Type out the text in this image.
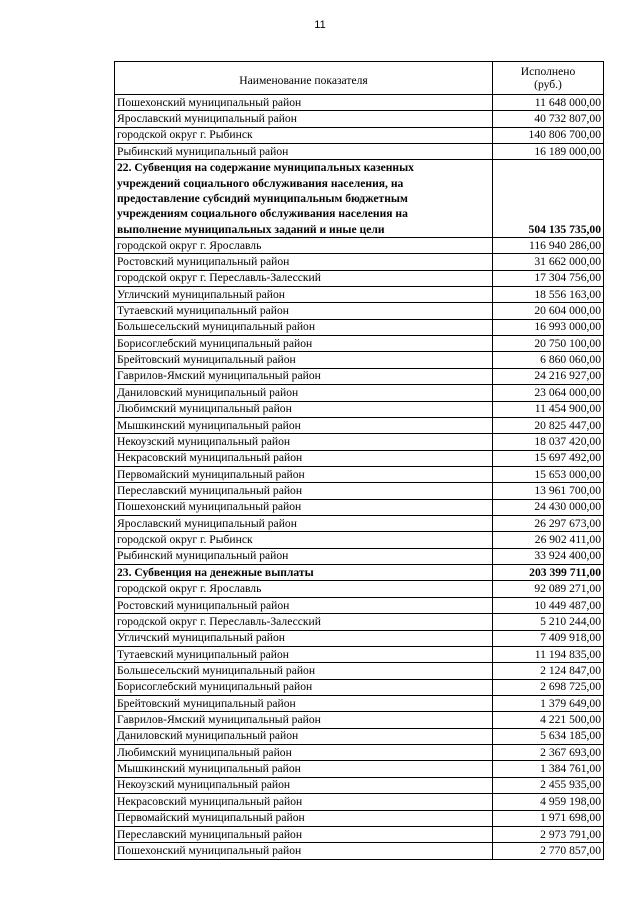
11
Наименование показателя	Исполнено
(руб.)
Пошехонский муниципальный район	11 648 000,00
Ярославский муниципальный район	40 732 807,00
городской округ г. Рыбинск	140 806 700,00
Рыбинский муниципальный район	16 189 000,00
22. Субвенция на содержание муниципальных казенных
учреждений социального обслуживания населения, на
предоставление субсидий муниципальным бюджетным
учреждениям социального обслуживания населения на
выполнение муниципальных заданий и иные цели	504 135 735,00
городской округ г. Ярославль	116 940 286,00
Ростовский муниципальный район	31 662 000,00
городской округ г. Переславль-Залесский	17 304 756,00
Угличский муниципальный район	18 556 163,00
Тутаевский муниципальный район	20 604 000,00
Большесельский муниципальный район	16 993 000,00
Борисоглебский муниципальный район	20 750 100,00
Брейтовский муниципальный район	6 860 060,00
Гаврилов-Ямский муниципальный район	24 216 927,00
Даниловский муниципальный район	23 064 000,00
Любимский муниципальный район	11 454 900,00
Мышкинский муниципальный район	20 825 447,00
Некоузский муниципальный район	18 037 420,00
Некрасовский муниципальный район	15 697 492,00
Первомайский муниципальный район	15 653 000,00
Переславский муниципальный район	13 961 700,00
Пошехонский муниципальный район	24 430 000,00
Ярославский муниципальный район	26 297 673,00
городской округ г. Рыбинск	26 902 411,00
Рыбинский муниципальный район	33 924 400,00
23. Субвенция на денежные выплаты	203 399 711,00
городской округ г. Ярославль	92 089 271,00
Ростовский муниципальный район	10 449 487,00
городской округ г. Переславль-Залесский	5 210 244,00
Угличский муниципальный район	7 409 918,00
Тутаевский муниципальный район	11 194 835,00
Большесельский муниципальный район	2 124 847,00
Борисоглебский муниципальный район	2 698 725,00
Брейтовский муниципальный район	1 379 649,00
Гаврилов-Ямский муниципальный район	4 221 500,00
Даниловский муниципальный район	5 634 185,00
Любимский муниципальный район	2 367 693,00
Мышкинский муниципальный район	1 384 761,00
Некоузский муниципальный район	2 455 935,00
Некрасовский муниципальный район	4 959 198,00
Первомайский муниципальный район	1 971 698,00
Переславский муниципальный район	2 973 791,00
Пошехонский муниципальный район	2 770 857,00
